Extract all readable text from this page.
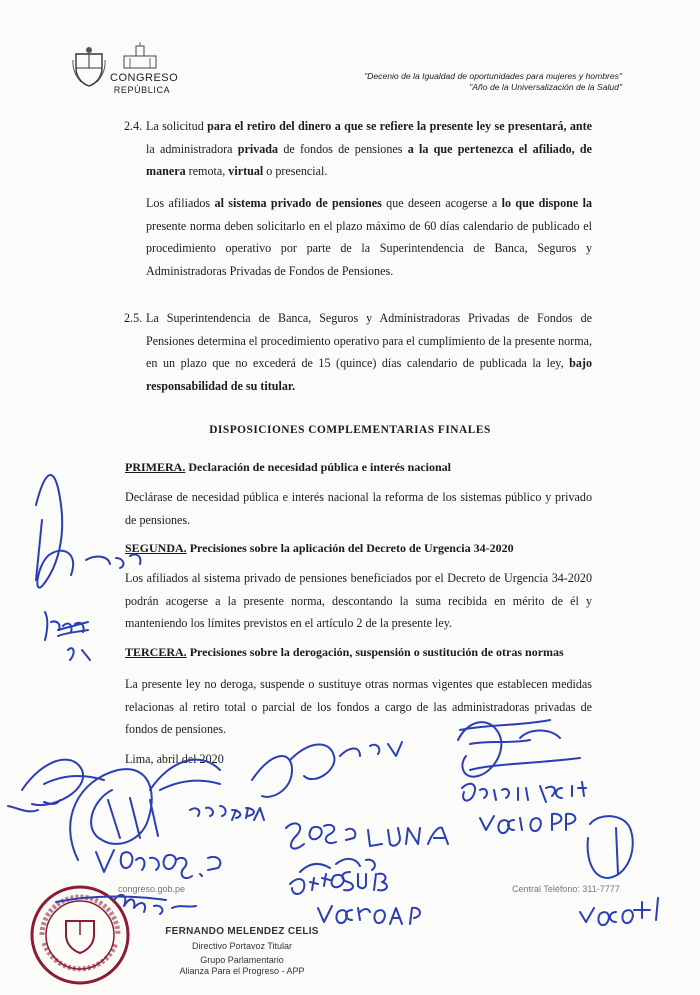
CONGRESO
REPÚBLICA
"Decenio de la Igualdad de oportunidades para mujeres y hombres"
"Año de la Universalización de la Salud"
2.4. La solicitud para el retiro del dinero a que se refiere la presente ley se presentará, ante la administradora privada de fondos de pensiones a la que pertenezca el afiliado, de manera remota, virtual o presencial.
Los afiliados al sistema privado de pensiones que deseen acogerse a lo que dispone la presente norma deben solicitarlo en el plazo máximo de 60 días calendario de publicado el procedimiento operativo por parte de la Superintendencia de Banca, Seguros y Administradoras Privadas de Fondos de Pensiones.
2.5. La Superintendencia de Banca, Seguros y Administradoras Privadas de Fondos de Pensiones determina el procedimiento operativo para el cumplimiento de la presente norma, en un plazo que no excederá de 15 (quince) días calendario de publicada la ley, bajo responsabilidad de su titular.
DISPOSICIONES COMPLEMENTARIAS FINALES
PRIMERA. Declaración de necesidad pública e interés nacional
Declárase de necesidad pública e interés nacional la reforma de los sistemas público y privado de pensiones.
SEGUNDA. Precisiones sobre la aplicación del Decreto de Urgencia 34-2020
Los afiliados al sistema privado de pensiones beneficiados por el Decreto de Urgencia 34-2020 podrán acogerse a la presente norma, descontando la suma recibida en mérito de él y manteniendo los límites previstos en el artículo 2 de la presente ley.
TERCERA. Precisiones sobre la derogación, suspensión o sustitución de otras normas
La presente ley no deroga, suspende o sustituye otras normas vigentes que establecen medidas relacionas al retiro total o parcial de los fondos a cargo de las administradoras privadas de fondos de pensiones.
Lima, abril del 2020
congreso.gob.pe	Central Teléfono: 311-7777
FERNANDO MELENDEZ CELIS
Directivo Portavoz Titular
Grupo Parlamentario
Alianza Para el Progreso - APP
